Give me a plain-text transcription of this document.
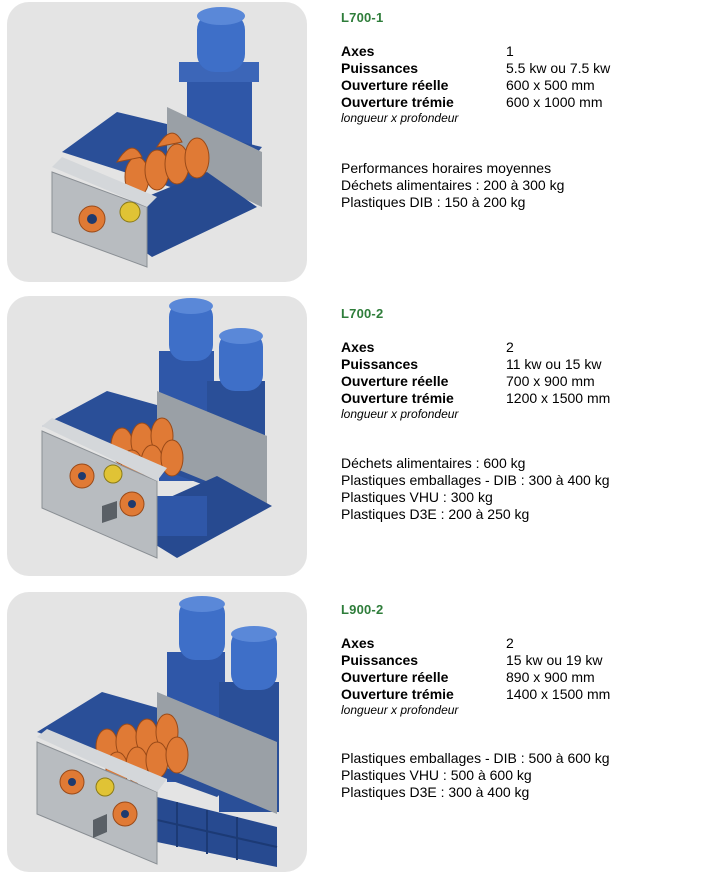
L700-1
Axes	1
Puissances	5.5 kw ou 7.5 kw
Ouverture réelle	600 x 500 mm
Ouverture trémie	600 x 1000 mm
longueur x profondeur
Performances horaires moyennes
Déchets alimentaires : 200 à 300 kg
Plastiques DIB : 150 à 200 kg
L700-2
Axes	2
Puissances	11 kw ou 15 kw
Ouverture réelle	700 x 900 mm
Ouverture trémie	1200 x 1500 mm
longueur x profondeur
Déchets alimentaires : 600 kg
Plastiques emballages - DIB : 300 à 400 kg
Plastiques VHU : 300 kg
Plastiques D3E : 200 à 250 kg
L900-2
Axes	2
Puissances	15 kw ou 19 kw
Ouverture réelle	890 x 900 mm
Ouverture trémie	1400 x 1500 mm
longueur x profondeur
Plastiques emballages - DIB : 500 à 600 kg
Plastiques VHU : 500 à 600 kg
Plastiques D3E : 300 à 400 kg
